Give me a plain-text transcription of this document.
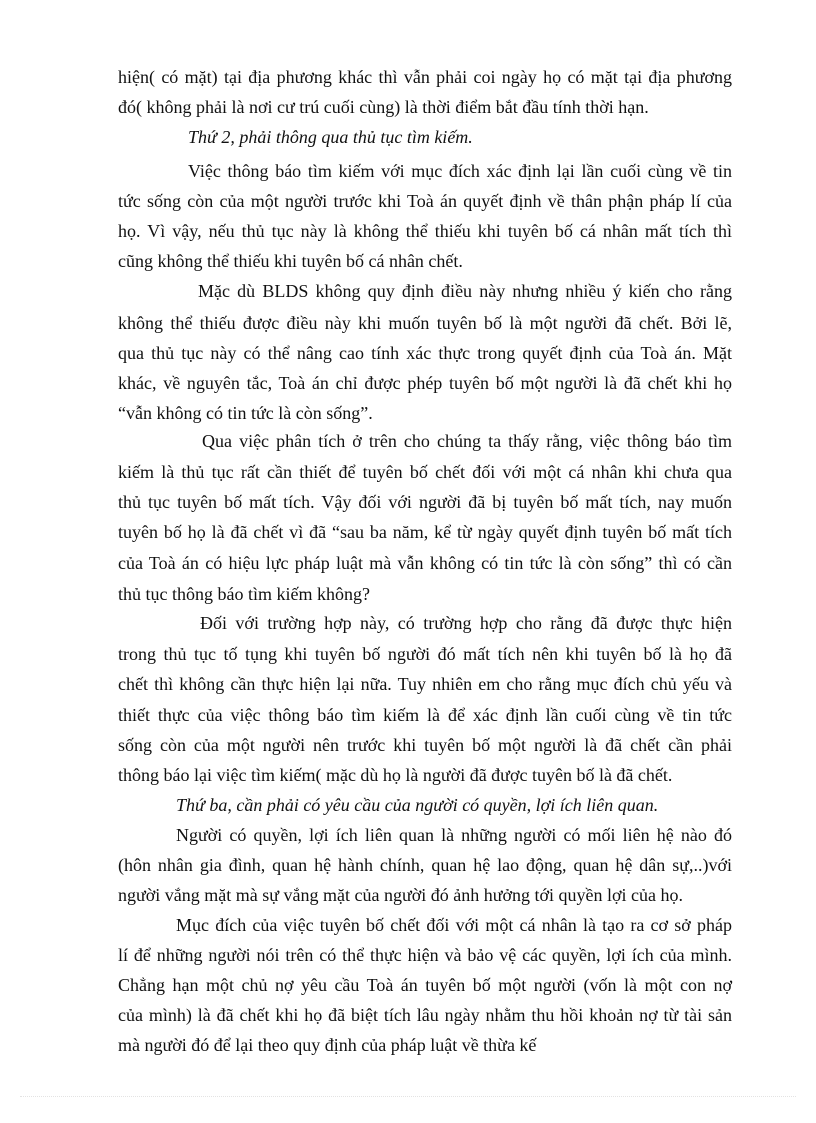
hiện( có mặt) tại địa phương khác thì vẫn phải coi ngày họ có mặt tại địa phương
đó( không phải là nơi cư trú cuối cùng) là thời điểm bắt đầu tính thời hạn.
Thứ 2, phải thông qua thủ tục tìm kiếm.
Việc thông báo tìm kiếm với mục đích xác định lại lần cuối cùng về tin
tức sống còn của một người trước khi Toà án quyết định về thân phận pháp lí của
họ. Vì vậy, nếu thủ tục này là không thể thiếu khi tuyên bố cá nhân mất tích thì
cũng không thể thiếu khi tuyên bố cá nhân chết.
Mặc dù BLDS không quy định điều này nhưng nhiều ý kiến cho rằng
không thể thiếu được điều này khi muốn tuyên bố là một người đã chết. Bởi lẽ,
qua thủ tục này có thể nâng cao tính xác thực trong quyết định của Toà án. Mặt
khác, về nguyên tắc, Toà án chỉ được phép tuyên bố một người là đã chết khi họ
“vẫn không có tin tức là còn sống”.
Qua việc phân tích ở trên cho chúng ta thấy rằng, việc thông báo tìm
kiếm là thủ tục rất cần thiết để tuyên bố chết đối với một cá nhân khi chưa qua
thủ tục tuyên bố mất tích. Vậy đối với người đã bị tuyên bố mất tích, nay muốn
tuyên bố họ là đã chết vì đã “sau ba năm, kể từ ngày quyết định tuyên bố mất tích
của Toà án có hiệu lực pháp luật mà vẫn không có tin tức là còn sống” thì có cần
thủ tục thông báo tìm kiếm không?
Đối với trường hợp này, có trường hợp cho rằng đã được thực hiện
trong thủ tục tố tụng khi tuyên bố người đó mất tích nên khi tuyên bố là họ đã
chết thì không cần thực hiện lại nữa. Tuy nhiên em cho rằng mục đích chủ yếu và
thiết thực của việc thông báo tìm kiếm là để xác định lần cuối cùng về tin tức
sống còn của một người nên trước khi tuyên bố một người là đã chết cần phải
thông báo lại việc tìm kiếm( mặc dù họ là người đã được tuyên bố là đã chết.
Thứ ba, cần phải có yêu cầu của người có quyền, lợi ích liên quan.
Người có quyền, lợi ích liên quan là những người có mối liên hệ nào đó
(hôn nhân gia đình, quan hệ hành chính, quan hệ lao động, quan hệ dân sự,..)với
người vắng mặt mà sự vắng mặt của người đó ảnh hưởng tới quyền lợi của họ.
Mục đích của việc tuyên bố chết đối với một cá nhân là tạo ra cơ sở pháp
lí để những người nói trên có thể thực hiện và bảo vệ các quyền, lợi ích của mình.
Chẳng hạn một chủ nợ yêu cầu Toà án tuyên bố một người (vốn là một con nợ
của mình) là đã chết khi họ đã biệt tích lâu ngày nhằm thu hồi khoản nợ từ tài sản
mà người đó để lại theo quy định của pháp luật về thừa kế
